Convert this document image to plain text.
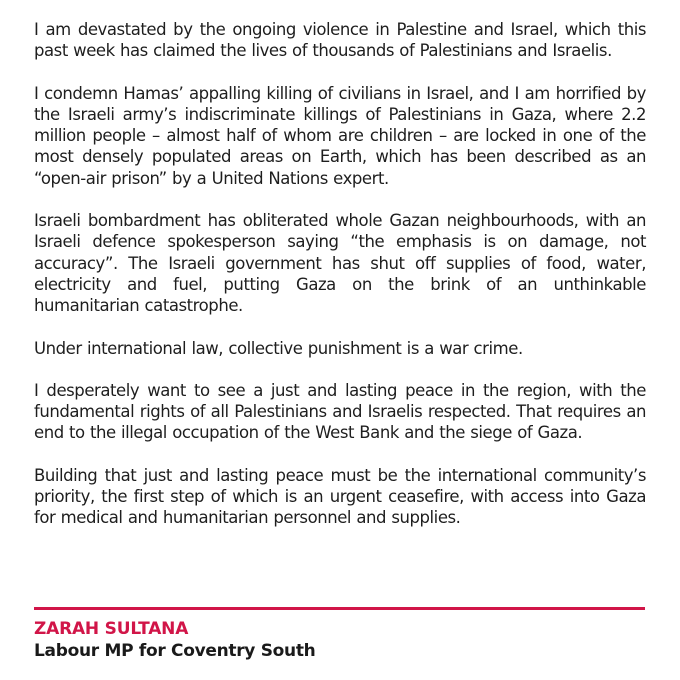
I am devastated by the ongoing violence in Palestine and Israel, which this past week has claimed the lives of thousands of Palestinians and Israelis.

I condemn Hamas’ appalling killing of civilians in Israel, and I am horrified by the Israeli army’s indiscriminate killings of Palestinians in Gaza, where 2.2 million people – almost half of whom are children – are locked in one of the most densely populated areas on Earth, which has been described as an “open-air prison” by a United Nations expert.

Israeli bombardment has obliterated whole Gazan neighbourhoods, with an Israeli defence spokesperson saying “the emphasis is on damage, not accuracy”. The Israeli government has shut off supplies of food, water, electricity and fuel, putting Gaza on the brink of an unthinkable humanitarian catastrophe.

Under international law, collective punishment is a war crime.

I desperately want to see a just and lasting peace in the region, with the fundamental rights of all Palestinians and Israelis respected. That requires an end to the illegal occupation of the West Bank and the siege of Gaza.

Building that just and lasting peace must be the international community’s priority, the first step of which is an urgent ceasefire, with access into Gaza for medical and humanitarian personnel and supplies.

ZARAH SULTANA
Labour MP for Coventry South
